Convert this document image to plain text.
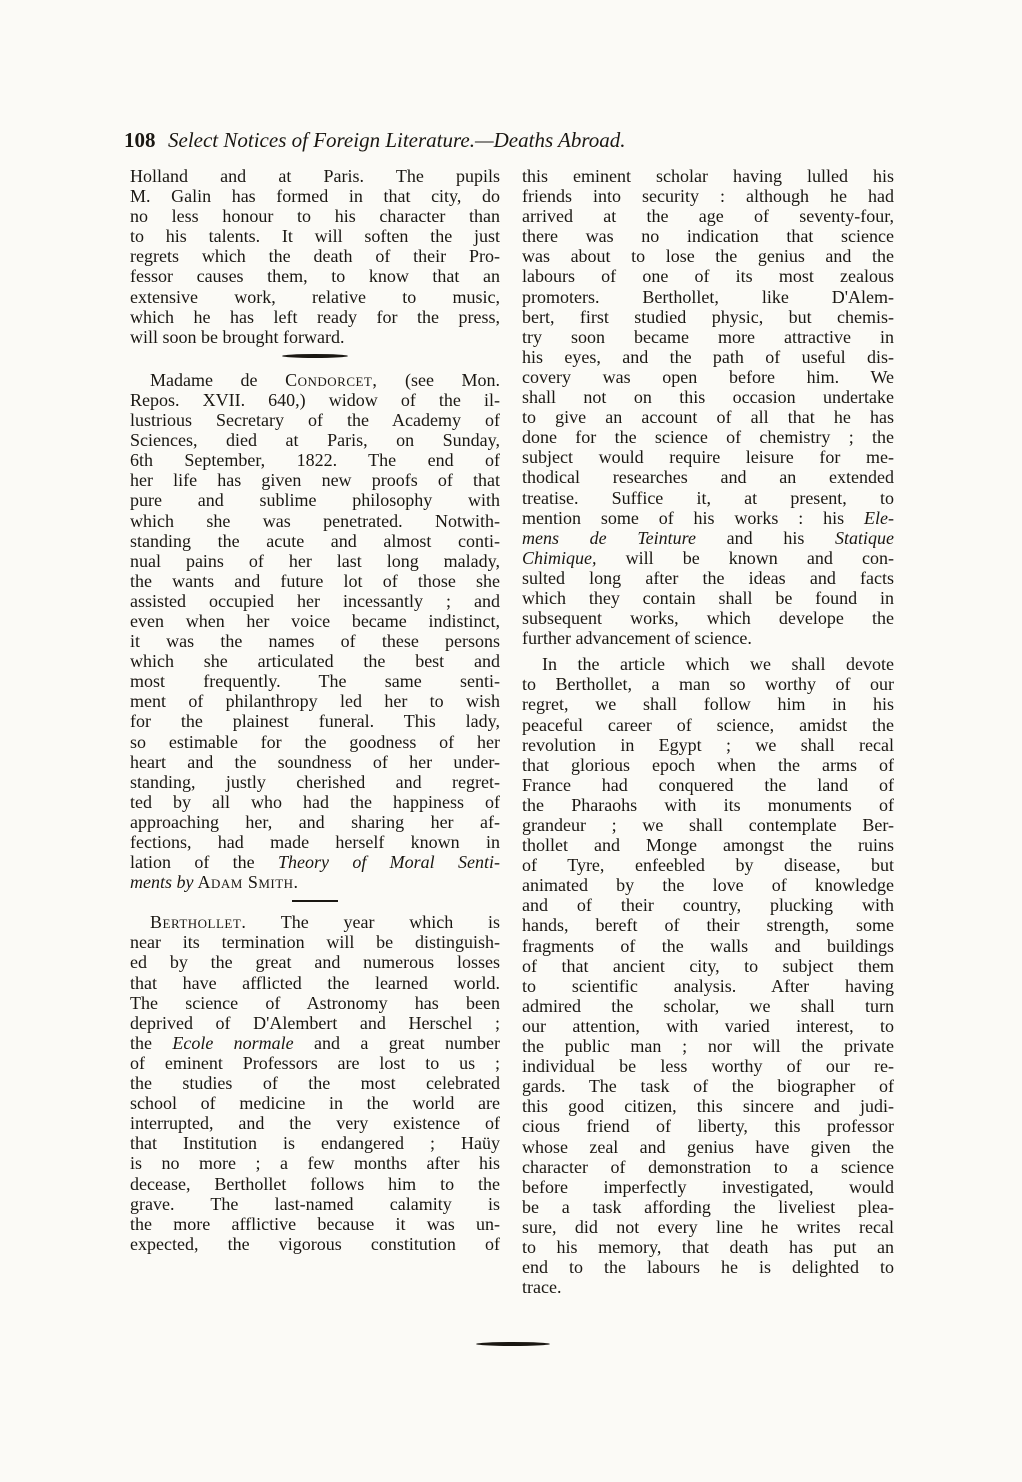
108 Select Notices of Foreign Literature.—Deaths Abroad.
Holland and at Paris. The pupils
M. Galin has formed in that city, do
no less honour to his character than
to his talents. It will soften the just
regrets which the death of their Pro-
fessor causes them, to know that an
extensive work, relative to music,
which he has left ready for the press,
will soon be brought forward.
Madame de Condorcet, (see Mon.
Repos. XVII. 640,) widow of the il-
lustrious Secretary of the Academy of
Sciences, died at Paris, on Sunday,
6th September, 1822. The end of
her life has given new proofs of that
pure and sublime philosophy with
which she was penetrated. Notwith-
standing the acute and almost conti-
nual pains of her last long malady,
the wants and future lot of those she
assisted occupied her incessantly ; and
even when her voice became indistinct,
it was the names of these persons
which she articulated the best and
most frequently. The same senti-
ment of philanthropy led her to wish
for the plainest funeral. This lady,
so estimable for the goodness of her
heart and the soundness of her under-
standing, justly cherished and regret-
ted by all who had the happiness of
approaching her, and sharing her af-
fections, had made herself known in
lation of the Theory of Moral Senti-
ments by Adam Smith.
Berthollet. The year which is
near its termination will be distinguish-
ed by the great and numerous losses
that have afflicted the learned world.
The science of Astronomy has been
deprived of D'Alembert and Herschel ;
the Ecole normale and a great number
of eminent Professors are lost to us ;
the studies of the most celebrated
school of medicine in the world are
interrupted, and the very existence of
that Institution is endangered ; Haüy
is no more ; a few months after his
decease, Berthollet follows him to the
grave. The last-named calamity is
the more afflictive because it was un-
expected, the vigorous constitution of
this eminent scholar having lulled his
friends into security : although he had
arrived at the age of seventy-four,
there was no indication that science
was about to lose the genius and the
labours of one of its most zealous
promoters. Berthollet, like D'Alem-
bert, first studied physic, but chemis-
try soon became more attractive in
his eyes, and the path of useful dis-
covery was open before him. We
shall not on this occasion undertake
to give an account of all that he has
done for the science of chemistry ; the
subject would require leisure for me-
thodical researches and an extended
treatise. Suffice it, at present, to
mention some of his works : his Ele-
mens de Teinture and his Statique
Chimique, will be known and con-
sulted long after the ideas and facts
which they contain shall be found in
subsequent works, which develope the
further advancement of science.
In the article which we shall devote
to Berthollet, a man so worthy of our
regret, we shall follow him in his
peaceful career of science, amidst the
revolution in Egypt ; we shall recal
that glorious epoch when the arms of
France had conquered the land of
the Pharaohs with its monuments of
grandeur ; we shall contemplate Ber-
thollet and Monge amongst the ruins
of Tyre, enfeebled by disease, but
animated by the love of knowledge
and of their country, plucking with
hands, bereft of their strength, some
fragments of the walls and buildings
of that ancient city, to subject them
to scientific analysis. After having
admired the scholar, we shall turn
our attention, with varied interest, to
the public man ; nor will the private
individual be less worthy of our re-
gards. The task of the biographer of
this good citizen, this sincere and judi-
cious friend of liberty, this professor
whose zeal and genius have given the
character of demonstration to a science
before imperfectly investigated, would
be a task affording the liveliest plea-
sure, did not every line he writes recal
to his memory, that death has put an
end to the labours he is delighted to
trace.
